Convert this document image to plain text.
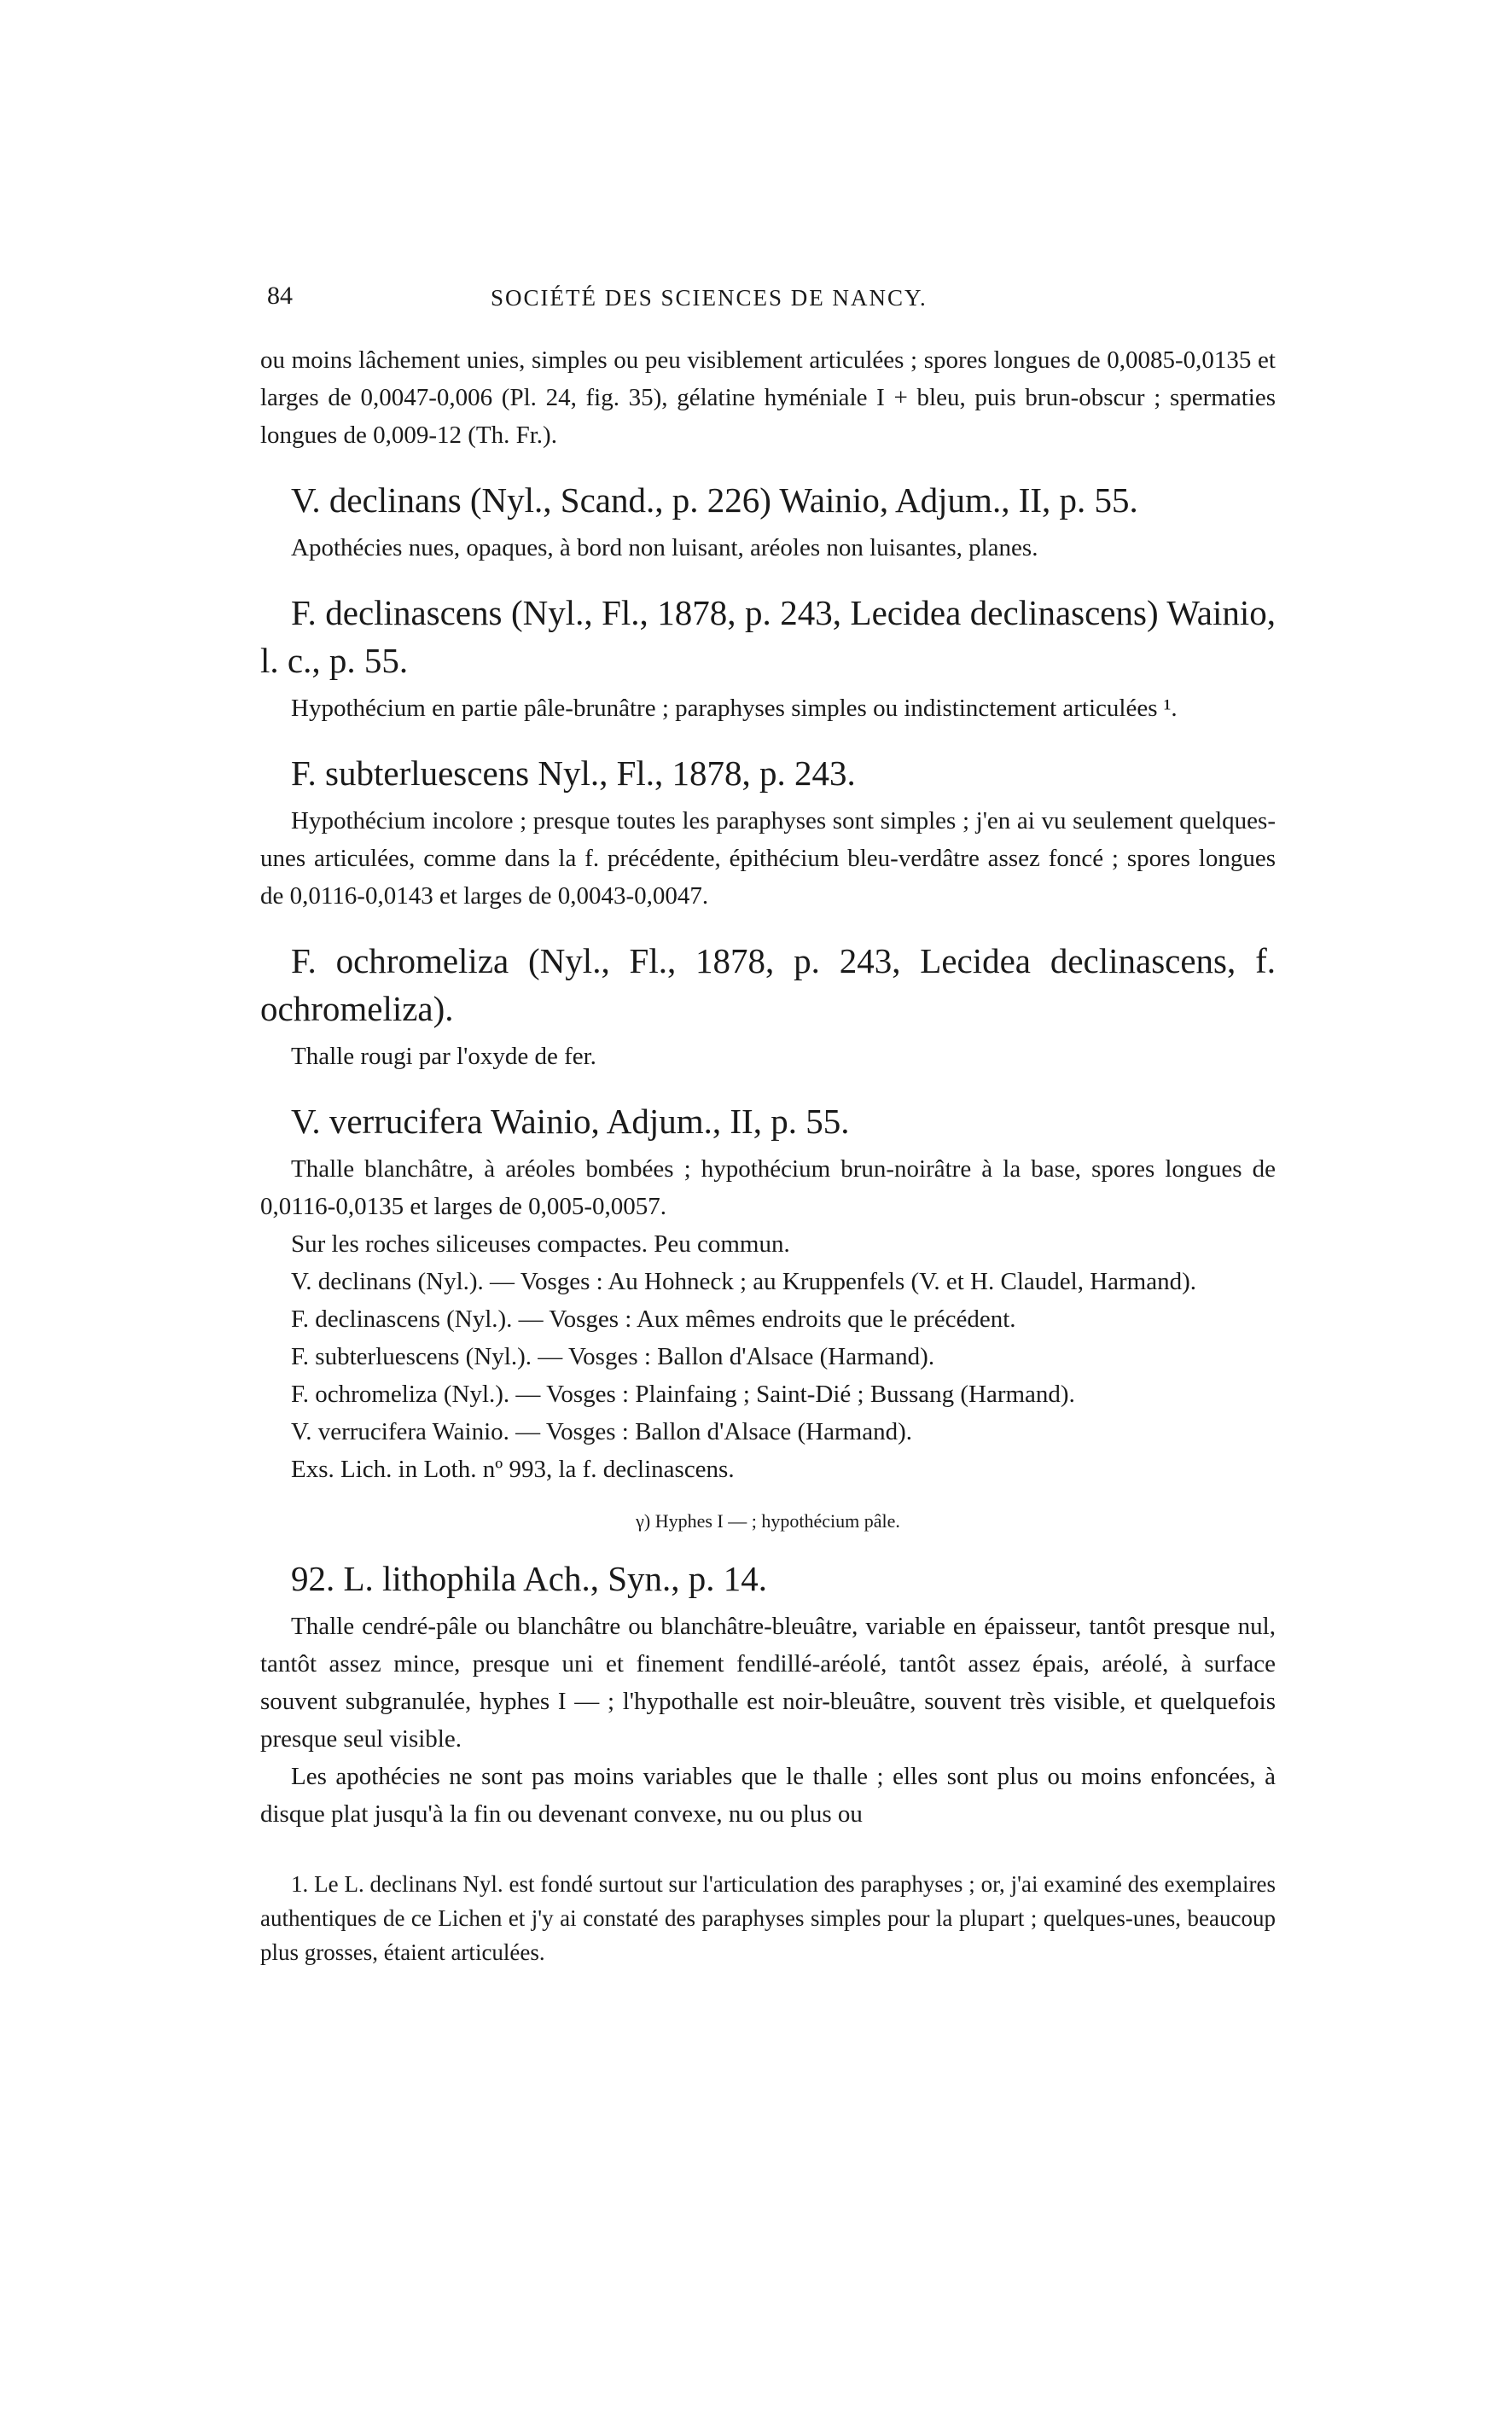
84	SOCIÉTÉ DES SCIENCES DE NANCY.

ou moins lâchement unies, simples ou peu visiblement articulées ; spores longues de 0,0085-0,0135 et larges de 0,0047-0,006 (Pl. 24, fig. 35), gélatine hyméniale I + bleu, puis brun-obscur ; spermaties longues de 0,009-12 (Th. Fr.).

V. declinans (Nyl., Scand., p. 226) Wainio, Adjum., II, p. 55.

Apothécies nues, opaques, à bord non luisant, aréoles non luisantes, planes.

F. declinascens (Nyl., Fl., 1878, p. 243, Lecidea declinascens) Wainio, l. c., p. 55.

Hypothécium en partie pâle-brunâtre ; paraphyses simples ou indistinctement articulées ¹.

F. subterluescens Nyl., Fl., 1878, p. 243.

Hypothécium incolore ; presque toutes les paraphyses sont simples ; j'en ai vu seulement quelques-unes articulées, comme dans la f. précédente, épithécium bleu-verdâtre assez foncé ; spores longues de 0,0116-0,0143 et larges de 0,0043-0,0047.

F. ochromeliza (Nyl., Fl., 1878, p. 243, Lecidea declinascens, f. ochromeliza).

Thalle rougi par l'oxyde de fer.

V. verrucifera Wainio, Adjum., II, p. 55.

Thalle blanchâtre, à aréoles bombées ; hypothécium brun-noirâtre à la base, spores longues de 0,0116-0,0135 et larges de 0,005-0,0057.

Sur les roches siliceuses compactes. Peu commun.

V. declinans (Nyl.). — Vosges : Au Hohneck ; au Kruppenfels (V. et H. Claudel, Harmand).

F. declinascens (Nyl.). — Vosges : Aux mêmes endroits que le précédent.

F. subterluescens (Nyl.). — Vosges : Ballon d'Alsace (Harmand).

F. ochromeliza (Nyl.). — Vosges : Plainfaing ; Saint-Dié ; Bussang (Harmand).

V. verrucifera Wainio. — Vosges : Ballon d'Alsace (Harmand).

Exs. Lich. in Loth. nº 993, la f. declinascens.

γ) Hyphes I — ; hypothécium pâle.

92. L. lithophila Ach., Syn., p. 14.

Thalle cendré-pâle ou blanchâtre ou blanchâtre-bleuâtre, variable en épaisseur, tantôt presque nul, tantôt assez mince, presque uni et finement fendillé-aréolé, tantôt assez épais, aréolé, à surface souvent subgranulée, hyphes I — ; l'hypothalle est noir-bleuâtre, souvent très visible, et quelquefois presque seul visible.

Les apothécies ne sont pas moins variables que le thalle ; elles sont plus ou moins enfoncées, à disque plat jusqu'à la fin ou devenant convexe, nu ou plus ou

1. Le L. declinans Nyl. est fondé surtout sur l'articulation des paraphyses ; or, j'ai examiné des exemplaires authentiques de ce Lichen et j'y ai constaté des paraphyses simples pour la plupart ; quelques-unes, beaucoup plus grosses, étaient articulées.
